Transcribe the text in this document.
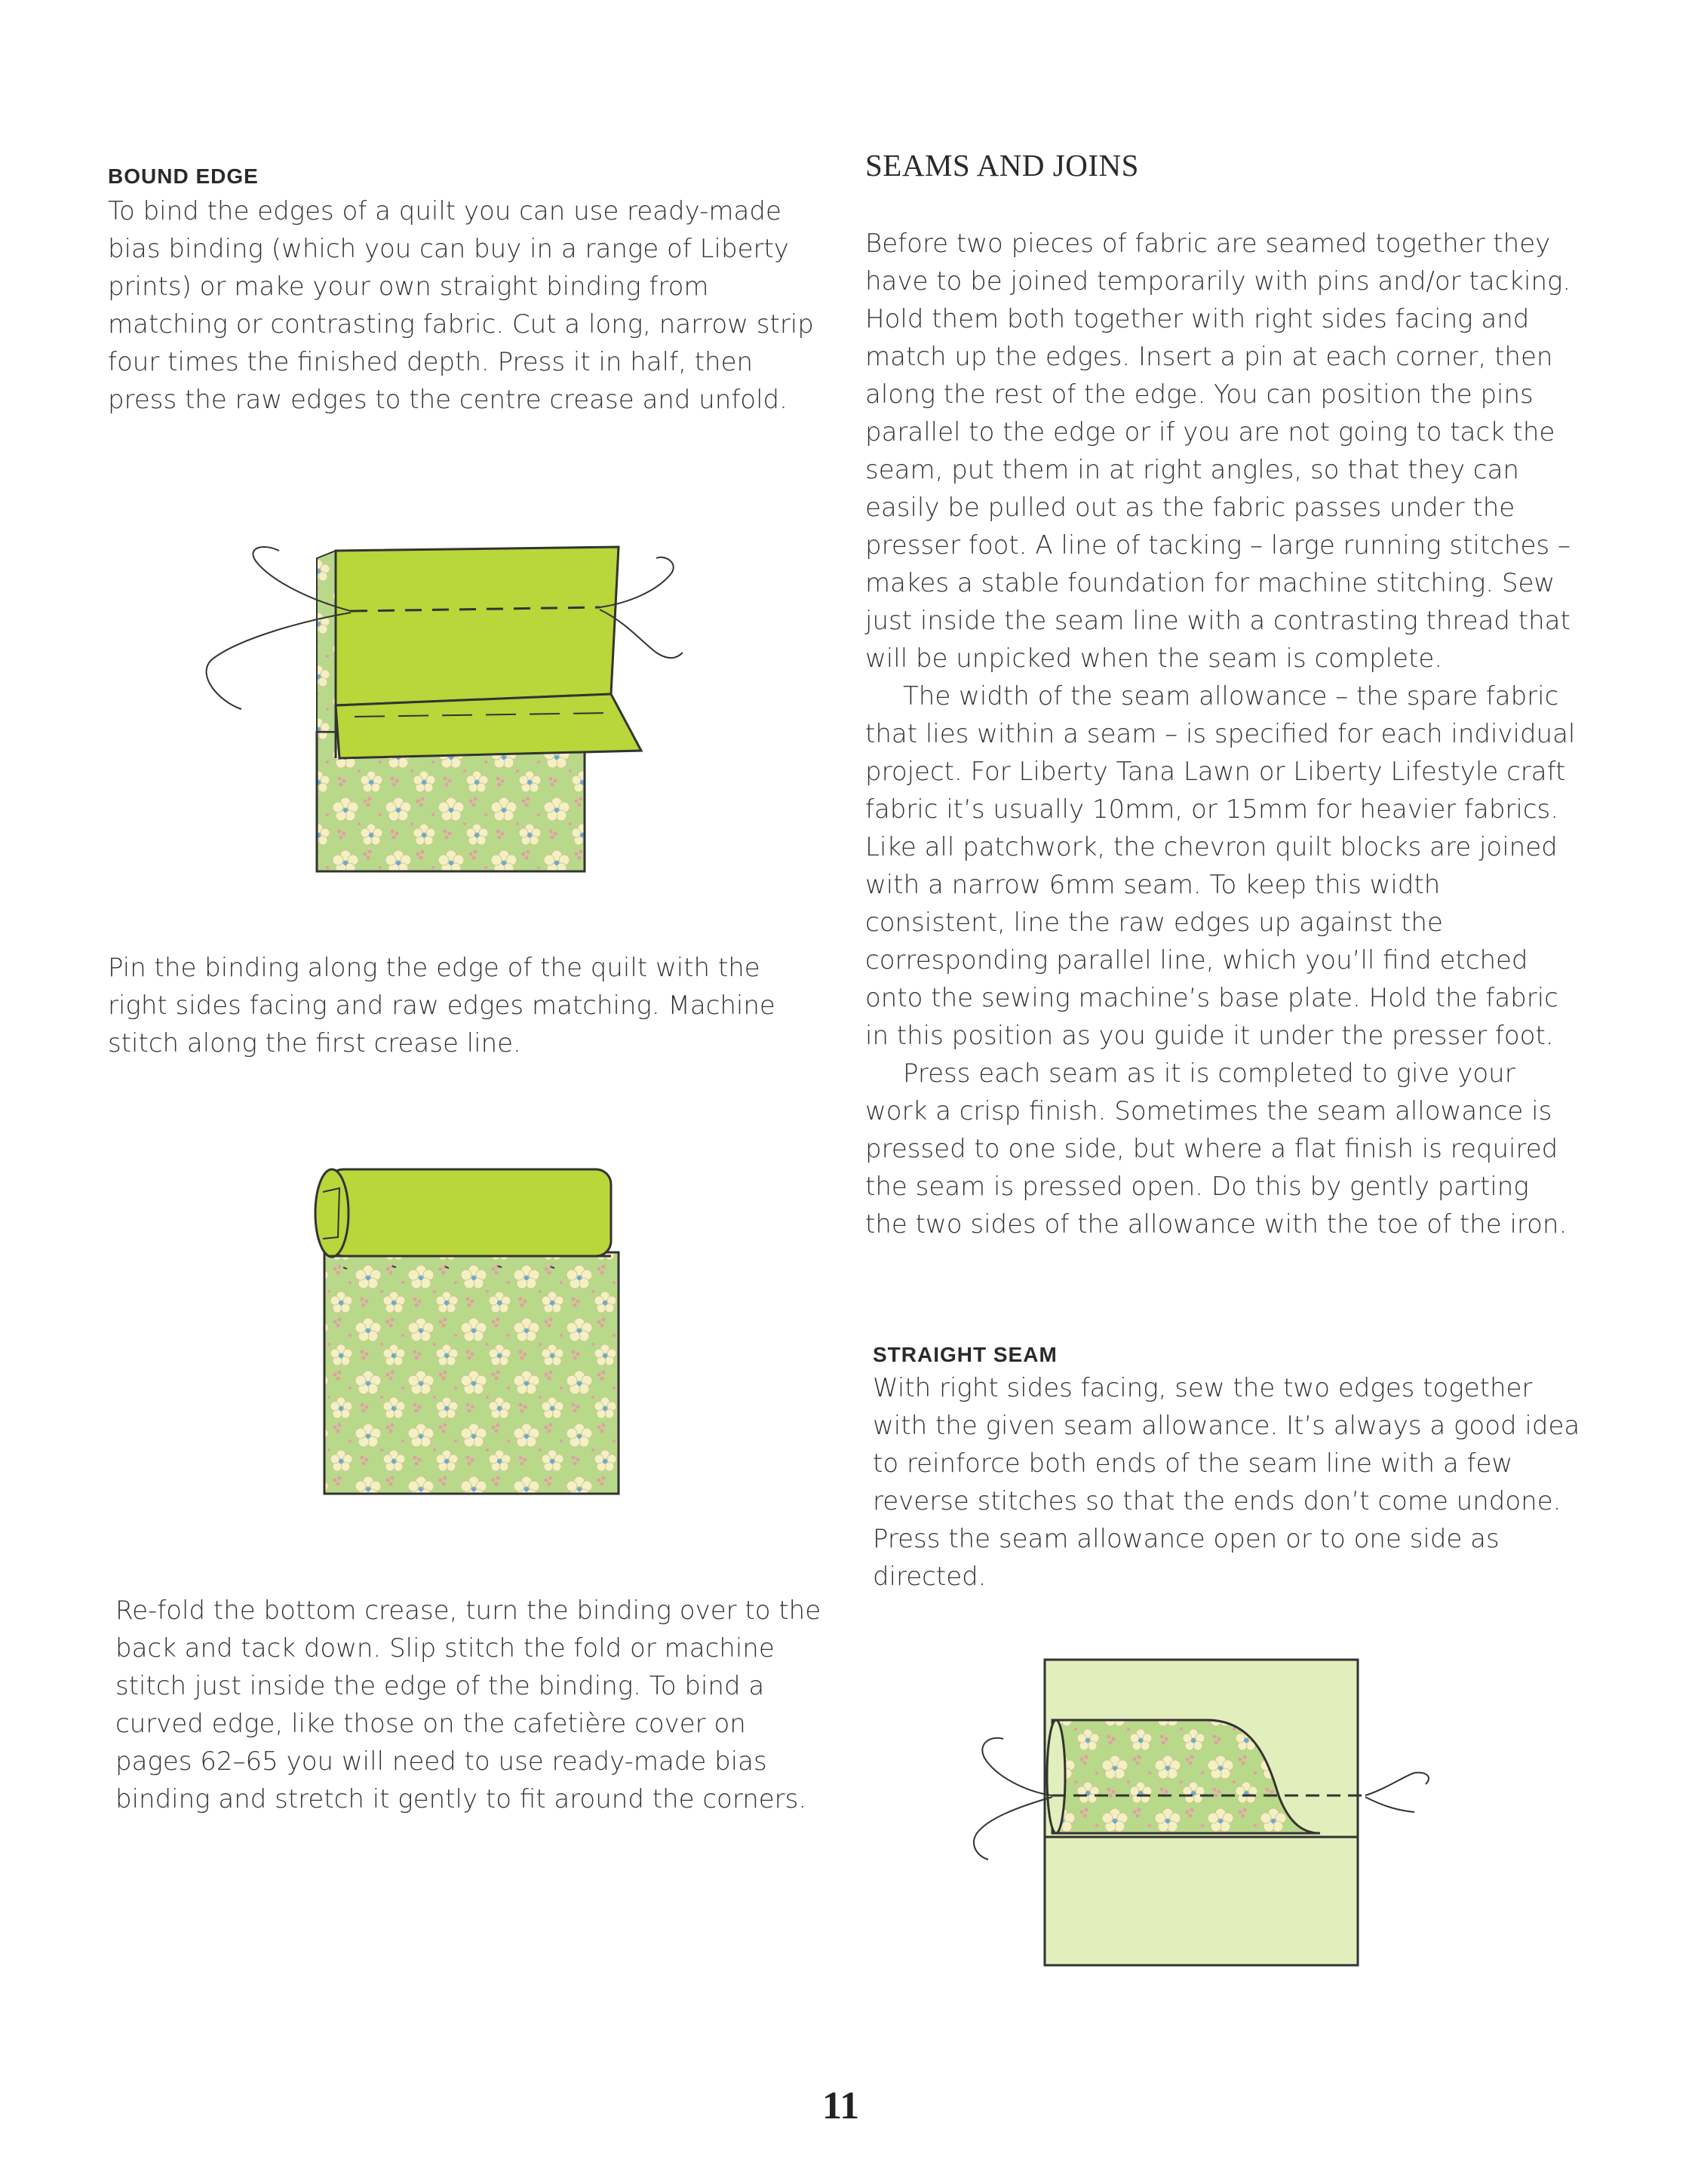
BOUND EDGE

To bind the edges of a quilt you can use ready-made bias binding (which you can buy in a range of Liberty prints) or make your own straight binding from matching or contrasting fabric. Cut a long, narrow strip four times the finished depth. Press it in half, then press the raw edges to the centre crease and unfold.

Pin the binding along the edge of the quilt with the right sides facing and raw edges matching. Machine stitch along the first crease line.

Re-fold the bottom crease, turn the binding over to the back and tack down. Slip stitch the fold or machine stitch just inside the edge of the binding. To bind a curved edge, like those on the cafetière cover on pages 62–65 you will need to use ready-made bias binding and stretch it gently to fit around the corners.

SEAMS AND JOINS

Before two pieces of fabric are seamed together they have to be joined temporarily with pins and/or tacking. Hold them both together with right sides facing and match up the edges. Insert a pin at each corner, then along the rest of the edge. You can position the pins parallel to the edge or if you are not going to tack the seam, put them in at right angles, so that they can easily be pulled out as the fabric passes under the presser foot. A line of tacking – large running stitches – makes a stable foundation for machine stitching. Sew just inside the seam line with a contrasting thread that will be unpicked when the seam is complete.

The width of the seam allowance – the spare fabric that lies within a seam – is specified for each individual project. For Liberty Tana Lawn or Liberty Lifestyle craft fabric it’s usually 10mm, or 15mm for heavier fabrics. Like all patchwork, the chevron quilt blocks are joined with a narrow 6mm seam. To keep this width consistent, line the raw edges up against the corresponding parallel line, which you’ll find etched onto the sewing machine’s base plate. Hold the fabric in this position as you guide it under the presser foot.

Press each seam as it is completed to give your work a crisp finish. Sometimes the seam allowance is pressed to one side, but where a flat finish is required the seam is pressed open. Do this by gently parting the two sides of the allowance with the toe of the iron.

STRAIGHT SEAM

With right sides facing, sew the two edges together with the given seam allowance. It’s always a good idea to reinforce both ends of the seam line with a few reverse stitches so that the ends don’t come undone. Press the seam allowance open or to one side as directed.

11
